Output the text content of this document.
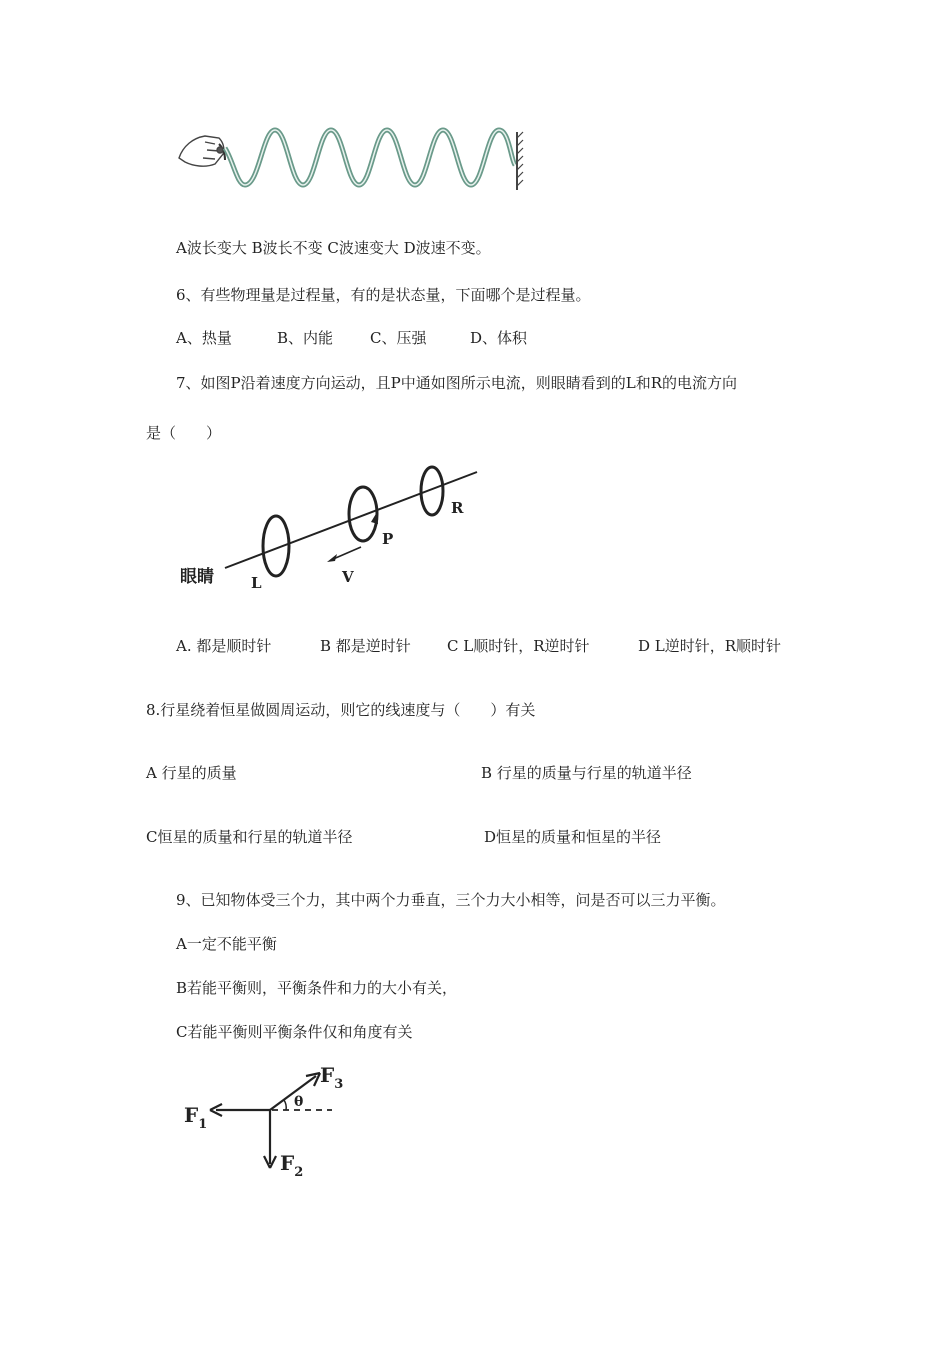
A波长变大 B波长不变 C波速变大 D波速不变。
6、有些物理量是过程量，有的是状态量，下面哪个是过程量。
A、热量	B、内能 C、压强	D、体积
7、如图P沿着速度方向运动，且P中通如图所示电流，则眼睛看到的L和R的电流方向
是（　　）
眼睛 L
P
R
V
A. 都是顺时针	B 都是逆时针 C L顺时针，R逆时针	D L逆时针，R顺时针
8.行星绕着恒星做圆周运动，则它的线速度与（　　）有关
A 行星的质量	B 行星的质量与行星的轨道半径
C恒星的质量和行星的轨道半径	D恒星的质量和恒星的半径
9、已知物体受三个力，其中两个力垂直，三个力大小相等，问是否可以三力平衡。
A一定不能平衡
B若能平衡则，平衡条件和力的大小有关，
C若能平衡则平衡条件仅和角度有关
θ
$F_1$
$F_2$
$F_3$
